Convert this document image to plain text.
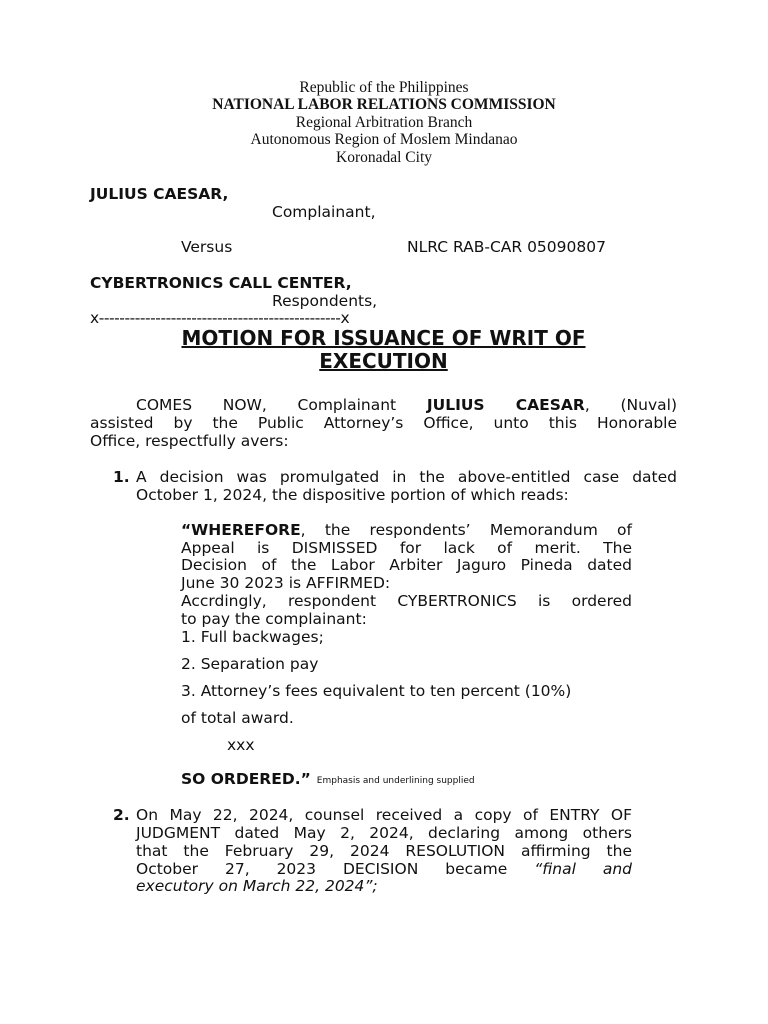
Republic of the Philippines
NATIONAL LABOR RELATIONS COMMISSION
Regional Arbitration Branch
Autonomous Region of Moslem Mindanao
Koronadal City
JULIUS CAESAR,
Complainant,
Versus	NLRC RAB-CAR 05090807
CYBERTRONICS CALL CENTER,
Respondents,
x-----------------------------------------------x
MOTION FOR ISSUANCE OF WRIT OF
EXECUTION
COMES NOW, Complainant JULIUS CAESAR, (Nuval)
assisted by the Public Attorney’s Office, unto this Honorable
Office, respectfully avers:
1. A decision was promulgated in the above-entitled case dated
October 1, 2024, the dispositive portion of which reads:
“WHEREFORE, the respondents’ Memorandum of
Appeal is DISMISSED for lack of merit. The
Decision of the Labor Arbiter Jaguro Pineda dated
June 30 2023 is AFFIRMED:
Accrdingly, respondent CYBERTRONICS is ordered
to pay the complainant:
1. Full backwages;
2. Separation pay
3. Attorney’s fees equivalent to ten percent (10%)
of total award.
xxx
SO ORDERED.” Emphasis and underlining supplied
2. On May 22, 2024, counsel received a copy of ENTRY OF
JUDGMENT dated May 2, 2024, declaring among others
that the February 29, 2024 RESOLUTION affirming the
October 27, 2023 DECISION became “final and
executory on March 22, 2024”;
